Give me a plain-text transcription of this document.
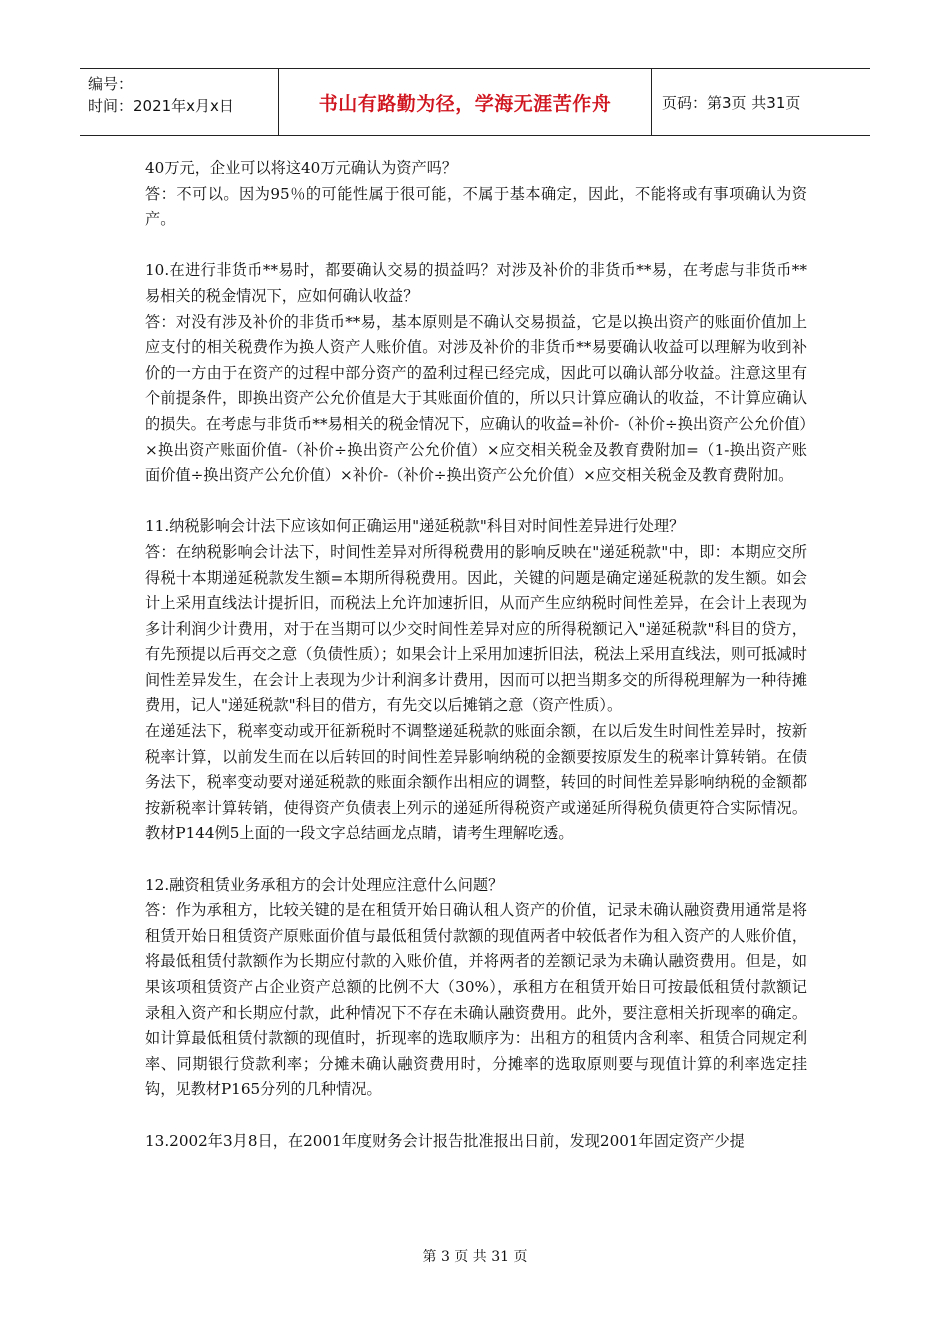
编号：
时间：2021年x月x日	书山有路勤为径，学海无涯苦作舟	页码：第3页 共31页

40万元，企业可以将这40万元确认为资产吗？

答：不可以。因为95％的可能性属于很可能，不属于基本确定，因此，不能将或有事项确认为资产。

10.在进行非货币**易时，都要确认交易的损益吗？对涉及补价的非货币**易，在考虑与非货币**易相关的税金情况下，应如何确认收益？

答：对没有涉及补价的非货币**易，基本原则是不确认交易损益，它是以换出资产的账面价值加上应支付的相关税费作为换人资产人账价值。对涉及补价的非货币**易要确认收益可以理解为收到补价的一方由于在资产的过程中部分资产的盈利过程已经完成，因此可以确认部分收益。注意这里有个前提条件，即换出资产公允价值是大于其账面价值的，所以只计算应确认的收益，不计算应确认的损失。在考虑与非货币**易相关的税金情况下，应确认的收益=补价-（补价÷换出资产公允价值）×换出资产账面价值-（补价÷换出资产公允价值）×应交相关税金及教育费附加=（1-换出资产账面价值÷换出资产公允价值）×补价-（补价÷换出资产公允价值）×应交相关税金及教育费附加。

11.纳税影响会计法下应该如何正确运用"递延税款"科目对时间性差异进行处理？

答：在纳税影响会计法下，时间性差异对所得税费用的影响反映在"递延税款"中，即：本期应交所得税十本期递延税款发生额=本期所得税费用。因此，关键的问题是确定递延税款的发生额。如会计上采用直线法计提折旧，而税法上允许加速折旧，从而产生应纳税时间性差异，在会计上表现为多计利润少计费用，对于在当期可以少交时间性差异对应的所得税额记入"递延税款"科目的贷方，有先预提以后再交之意（负债性质）；如果会计上采用加速折旧法，税法上采用直线法，则可抵减时间性差异发生，在会计上表现为少计利润多计费用，因而可以把当期多交的所得税理解为一种待摊费用，记人"递延税款"科目的借方，有先交以后摊销之意（资产性质）。

在递延法下，税率变动或开征新税时不调整递延税款的账面余额，在以后发生时间性差异时，按新税率计算，以前发生而在以后转回的时间性差异影响纳税的金额要按原发生的税率计算转销。在债务法下，税率变动要对递延税款的账面余额作出相应的调整，转回的时间性差异影响纳税的金额都按新税率计算转销，使得资产负债表上列示的递延所得税资产或递延所得税负债更符合实际情况。教材P144例5上面的一段文字总结画龙点睛，请考生理解吃透。

12.融资租赁业务承租方的会计处理应注意什么问题？

答：作为承租方，比较关键的是在租赁开始日确认租人资产的价值，记录未确认融资费用通常是将租赁开始日租赁资产原账面价值与最低租赁付款额的现值两者中较低者作为租入资产的人账价值，将最低租赁付款额作为长期应付款的入账价值，并将两者的差额记录为未确认融资费用。但是，如果该项租赁资产占企业资产总额的比例不大（30%），承租方在租赁开始日可按最低租赁付款额记录租入资产和长期应付款，此种情况下不存在未确认融资费用。此外，要注意相关折现率的确定。如计算最低租赁付款额的现值时，折现率的选取顺序为：出租方的租赁内含利率、租赁合同规定利率、同期银行贷款利率；分摊未确认融资费用时，分摊率的选取原则要与现值计算的利率选定挂钩，见教材P165分列的几种情况。

13.2002年3月8日，在2001年度财务会计报告批准报出日前，发现2001年固定资产少提

第 3 页 共 31 页
